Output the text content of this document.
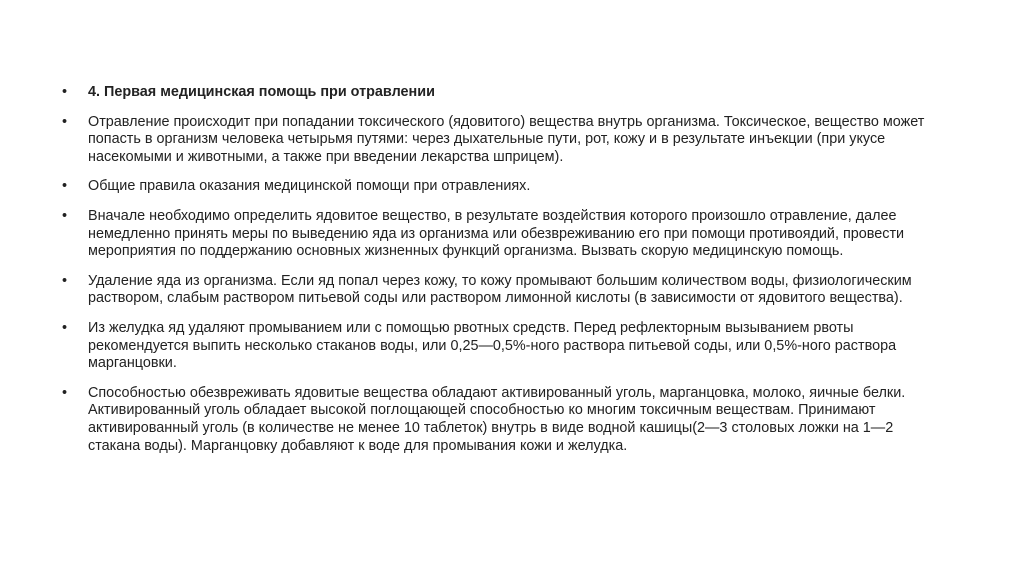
•	4. Первая медицинская помощь при отравлении
•	Отравление происходит при попадании токсического (ядовитого) вещества внутрь организма. Токсическое, вещество может попасть в организм человека четырьмя путями: через дыхательные пути, рот, кожу и в результате инъекции (при укусе насекомыми и животными, а также при введении лекарства шприцем).
•	Общие правила оказания медицинской помощи при отравлениях.
•	Вначале необходимо определить ядовитое вещество, в результате воздействия которого произошло отравление, далее немедленно принять меры по выведению яда из организма или обезвреживанию его при помощи противоядий, провести мероприятия по поддержанию основных жизненных функций организма. Вызвать скорую медицинскую помощь.
•	Удаление яда из организма. Если яд попал через кожу, то кожу промывают большим количеством воды, физиологическим раствором, слабым раствором питьевой соды или раствором лимонной кислоты (в зависимости от ядовитого вещества).
•	Из желудка яд удаляют промыванием или с помощью рвотных средств. Перед рефлекторным вызыванием рвоты рекомендуется выпить несколько стаканов воды, или 0,25—0,5%-ного раствора питьевой соды, или 0,5%-ного раствора марганцовки.
•	Способностью обезвреживать ядовитые вещества обладают активированный уголь, марганцовка, молоко, яичные белки. Активированный уголь обладает высокой поглощающей способностью ко многим токсичным веществам. Принимают активированный уголь (в количестве не менее 10 таблеток) внутрь в виде водной кашицы(2—3 столовых ложки на 1—2 стакана воды). Марганцовку добавляют к воде для промывания кожи и желудка.
